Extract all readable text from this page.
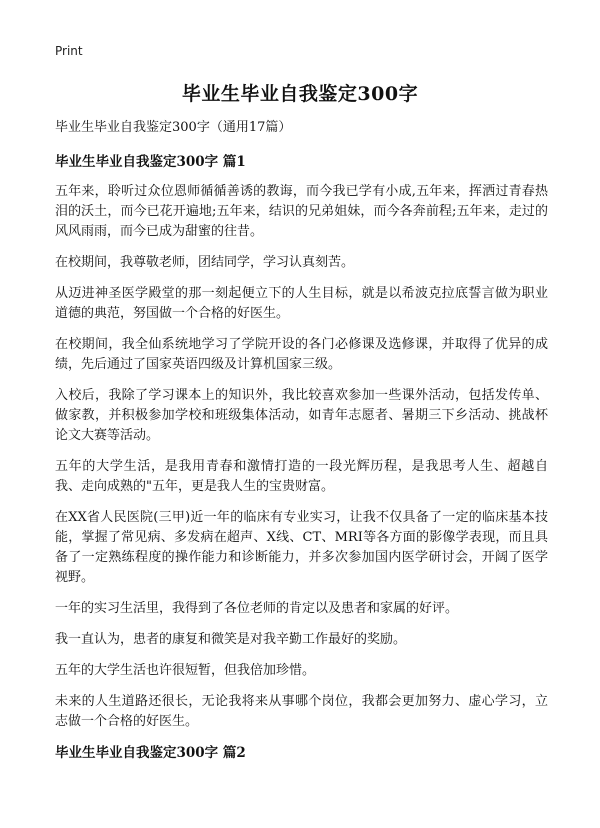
Print
毕业生毕业自我鉴定300字
毕业生毕业自我鉴定300字（通用17篇）
毕业生毕业自我鉴定300字 篇1

五年来，聆听过众位恩师循循善诱的教诲，而今我已学有小成,五年来，挥洒过青春热泪的沃土，而今已花开遍地;五年来，结识的兄弟姐妹，而今各奔前程;五年来，走过的风风雨雨，而今已成为甜蜜的往昔。

在校期间，我尊敬老师，团结同学，学习认真刻苦。

从迈进神圣医学殿堂的那一刻起便立下的人生目标，就是以希波克拉底誓言做为职业道德的典范，努国做一个合格的好医生。

在校期间，我全仙系统地学习了学院开设的各门必修课及选修课，并取得了优异的成绩，先后通过了国家英语四级及计算机国家三级。

入校后，我除了学习课本上的知识外，我比较喜欢参加一些课外活动，包括发传单、做家教，并积极参加学校和班级集体活动，如青年志愿者、暑期三下乡活动、挑战杯论文大赛等活动。

五年的大学生活，是我用青春和激情打造的一段光辉历程，是我思考人生、超越自我、走向成熟的"五年，更是我人生的宝贵财富。

在XX省人民医院(三甲)近一年的临床有专业实习，让我不仅具备了一定的临床基本技能，掌握了常见病、多发病在超声、X线、CT、MRI等各方面的影像学表现，而且具备了一定熟练程度的操作能力和诊断能力，并多次参加国内医学研讨会，开阔了医学视野。

一年的实习生活里，我得到了各位老师的肯定以及患者和家属的好评。

我一直认为，患者的康复和微笑是对我辛勤工作最好的奖励。

五年的大学生活也许很短暂，但我倍加珍惜。

未来的人生道路还很长，无论我将来从事哪个岗位，我都会更加努力、虚心学习，立志做一个合格的好医生。

毕业生毕业自我鉴定300字 篇2
